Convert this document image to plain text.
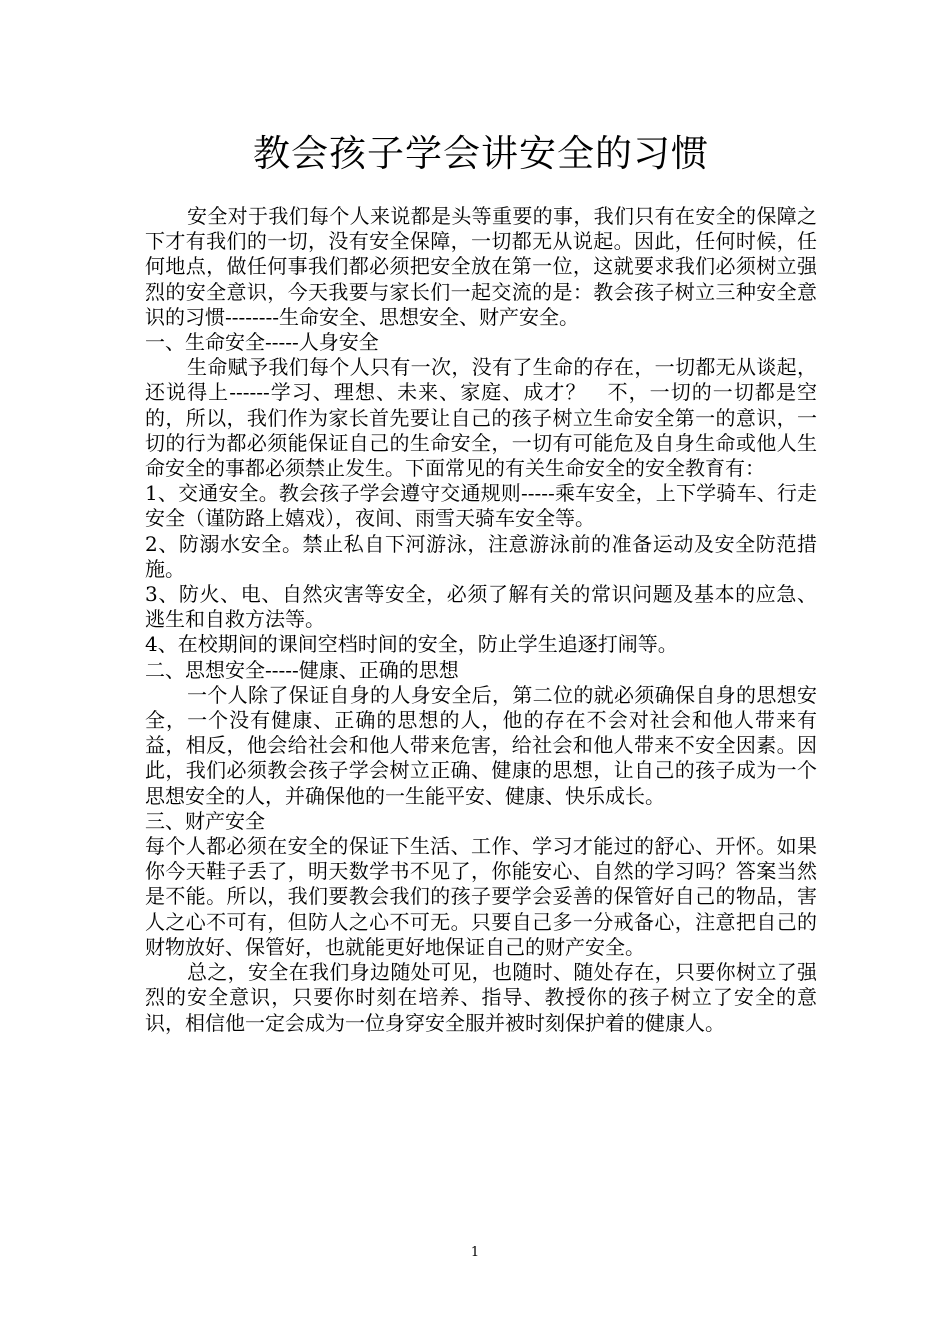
教会孩子学会讲安全的习惯

安全对于我们每个人来说都是头等重要的事，我们只有在安全的保障之下才有我们的一切，没有安全保障，一切都无从说起。因此，任何时候，任何地点，做任何事我们都必须把安全放在第一位，这就要求我们必须树立强烈的安全意识，今天我要与家长们一起交流的是：教会孩子树立三种安全意识的习惯--------生命安全、思想安全、财产安全。

一、生命安全-----人身安全

生命赋予我们每个人只有一次，没有了生命的存在，一切都无从谈起，还说得上------学习、理想、未来、家庭、成才？　不，一切的一切都是空的，所以，我们作为家长首先要让自己的孩子树立生命安全第一的意识，一切的行为都必须能保证自己的生命安全，一切有可能危及自身生命或他人生命安全的事都必须禁止发生。下面常见的有关生命安全的安全教育有：

1、交通安全。教会孩子学会遵守交通规则-----乘车安全，上下学骑车、行走安全（谨防路上嬉戏），夜间、雨雪天骑车安全等。

2、防溺水安全。禁止私自下河游泳，注意游泳前的准备运动及安全防范措施。

3、防火、电、自然灾害等安全，必须了解有关的常识问题及基本的应急、逃生和自救方法等。

4、在校期间的课间空档时间的安全，防止学生追逐打闹等。

二、思想安全-----健康、正确的思想

一个人除了保证自身的人身安全后，第二位的就必须确保自身的思想安全，一个没有健康、正确的思想的人，他的存在不会对社会和他人带来有益，相反，他会给社会和他人带来危害，给社会和他人带来不安全因素。因此，我们必须教会孩子学会树立正确、健康的思想，让自己的孩子成为一个思想安全的人，并确保他的一生能平安、健康、快乐成长。

三、财产安全

每个人都必须在安全的保证下生活、工作、学习才能过的舒心、开怀。如果你今天鞋子丢了，明天数学书不见了，你能安心、自然的学习吗？答案当然是不能。所以，我们要教会我们的孩子要学会妥善的保管好自己的物品，害人之心不可有，但防人之心不可无。只要自己多一分戒备心，注意把自己的财物放好、保管好，也就能更好地保证自己的财产安全。

总之，安全在我们身边随处可见，也随时、随处存在，只要你树立了强烈的安全意识，只要你时刻在培养、指导、教授你的孩子树立了安全的意识，相信他一定会成为一位身穿安全服并被时刻保护着的健康人。

1
